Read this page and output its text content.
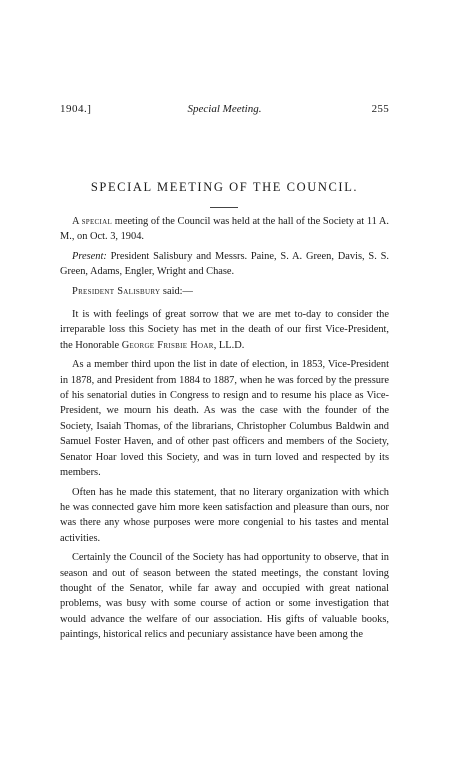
1904.]	Special Meeting.	255
SPECIAL MEETING OF THE COUNCIL.

A special meeting of the Council was held at the hall of the Society at 11 A. M., on Oct. 3, 1904.

Present: President Salisbury and Messrs. Paine, S. A. Green, Davis, S. S. Green, Adams, Engler, Wright and Chase.

President Salisbury said:—

It is with feelings of great sorrow that we are met to-day to consider the irreparable loss this Society has met in the death of our first Vice-President, the Honorable George Frisbie Hoar, LL.D.

As a member third upon the list in date of election, in 1853, Vice-President in 1878, and President from 1884 to 1887, when he was forced by the pressure of his senatorial duties in Congress to resign and to resume his place as Vice-President, we mourn his death. As was the case with the founder of the Society, Isaiah Thomas, of the librarians, Christopher Columbus Baldwin and Samuel Foster Haven, and of other past officers and members of the Society, Senator Hoar loved this Society, and was in turn loved and respected by its members.

Often has he made this statement, that no literary organization with which he was connected gave him more keen satisfaction and pleasure than ours, nor was there any whose purposes were more congenial to his tastes and mental activities.

Certainly the Council of the Society has had opportunity to observe, that in season and out of season between the stated meetings, the constant loving thought of the Senator, while far away and occupied with great national problems, was busy with some course of action or some investigation that would advance the welfare of our association. His gifts of valuable books, paintings, historical relics and pecuniary assistance have been among the
